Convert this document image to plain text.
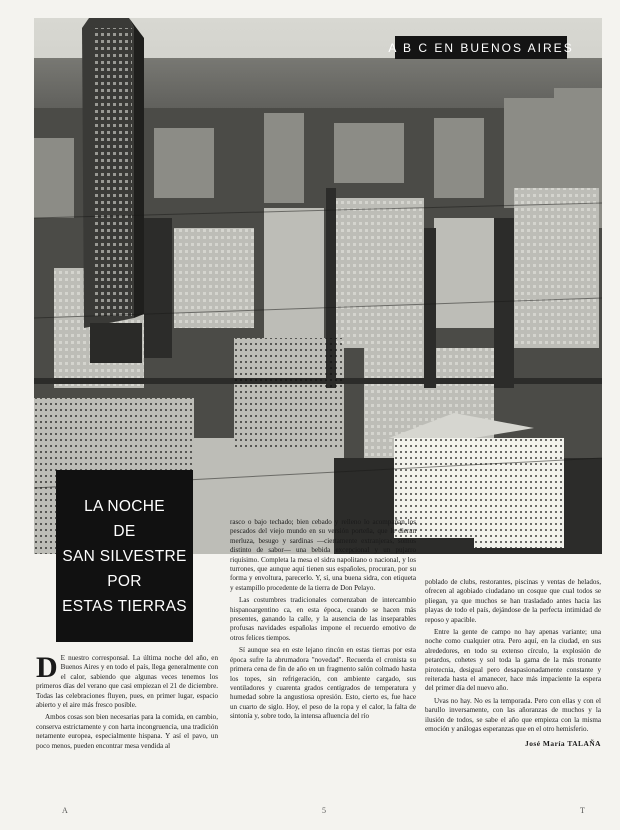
A B C EN BUENOS AIRES
LA NOCHE
DE
SAN SILVESTRE
POR
ESTAS TIERRAS

D E nuestro corresponsal. La última noche del año, en Buenos Aires y en todo el país, llega generalmente con el calor, sabiendo que algunas veces tenemos los primeros días del verano que casi empiezan el 21 de diciembre. Todas las celebraciones fluyen, pues, en primer lugar, espacio abierto y el aire más fresco posible.

Ambos cosas son bien necesarias para la comida, en cambio, conserva estrictamente y con harta incongruencia, una tradición netamente europea, especialmente hispana. Y así el pavo, un poco menos, pueden encontrar mesa vendida al

rasco o bajo techado; bien cebado y relleno lo acompañan los pescados del viejo mundo en su versión porteña, que le dieran merluza, besugo y sardinas —ciertamente extranjeras, somos distinto de sabor— una bebida excepcional y un pujarro riquísimo. Completa la mesa el sidra napolitano o nacional, y los turrones, que aunque aquí tienen sus españoles, procuran, por su forma y envoltura, parecerlo. Y, sí, una buena sidra, con etiqueta y estampillo procedente de la tierra de Don Pelayo.

Las costumbres tradicionales comenzaban de intercambio hispanoargentino ca, en esta época, cuando se hacen más presentes, ganando la calle, y la ausencia de las inseparables profusas navidades españolas impone el recuerdo emotivo de otros felices tiempos.

Sí aunque sea en este lejano rincón en estas tierras por esta época sufre la abrumadora "novedad". Recuerda el cronista su primera cena de fin de año en un fragmento salón colmado hasta los topes, sin refrigeración, con ambiente cargado, sus ventiladores y cuarenta grados centígrados de temperatura y humedad sobre la angustiosa opresión. Esto, cierto es, fue hace un cuarto de siglo. Hoy, el peso de la ropa y el calor, la falta de sintonía y, sobre todo, la intensa afluencia del río

poblado de clubs, restorantes, piscinas y ventas de helados, ofrecen al agobiado ciudadano un cosque que cual todos se pliegan, ya que muchos se han trasladado antes hacia las playas de todo el país, dejándose de la perfecta intimidad de reposo y apacible.

Entre la gente de campo no hay apenas variante; una noche como cualquier otra. Pero aquí, en la ciudad, en sus alrededores, en todo su extenso círculo, la explosión de petardos, cohetes y sol toda la gama de la más tronante pirotecnia, desigual pero desapasionadamente constante y reiterada hasta el amanecer, hace más impaciente la espera del primer día del nuevo año.

Uvas no hay. No es la temporada. Pero con ellas y con el barullo inversamente, con las añoranzas de muchos y la ilusión de todos, se sabe el año que empieza con la misma emoción y análogas esperanzas que en el otro hemisferio.

José María TALAÑA
A	5	T
